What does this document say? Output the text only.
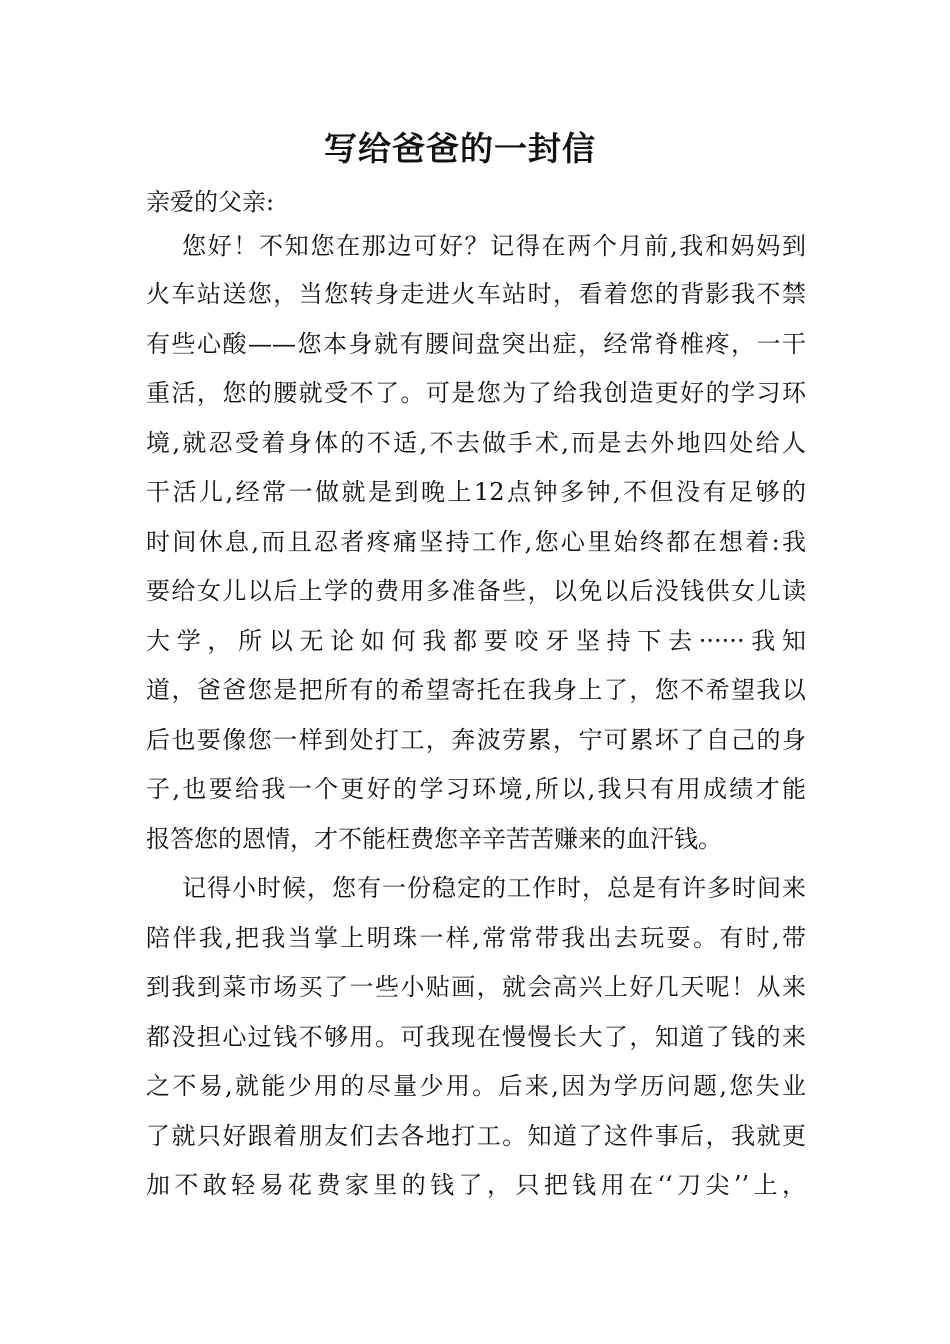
写给爸爸的一封信

亲爱的父亲:

您好！不知您在那边可好？记得在两个月前,我和妈妈到

火车站送您，当您转身走进火车站时，看着您的背影我不禁

有些心酸——您本身就有腰间盘突出症，经常脊椎疼，一干

重活，您的腰就受不了。可是您为了给我创造更好的学习环

境,就忍受着身体的不适,不去做手术,而是去外地四处给人

干活儿,经常一做就是到晚上12点钟多钟,不但没有足够的

时间休息,而且忍者疼痛坚持工作,您心里始终都在想着:我

要给女儿以后上学的费用多准备些，以免以后没钱供女儿读

大学，所以无论如何我都要咬牙坚持下去······我知

道，爸爸您是把所有的希望寄托在我身上了，您不希望我以

后也要像您一样到处打工，奔波劳累，宁可累坏了自己的身

子,也要给我一个更好的学习环境,所以,我只有用成绩才能

报答您的恩情，才不能枉费您辛辛苦苦赚来的血汗钱。

记得小时候，您有一份稳定的工作时，总是有许多时间来

陪伴我,把我当掌上明珠一样,常常带我出去玩耍。有时,带

到我到菜市场买了一些小贴画，就会高兴上好几天呢！从来

都没担心过钱不够用。可我现在慢慢长大了，知道了钱的来

之不易,就能少用的尽量少用。后来,因为学历问题,您失业

了就只好跟着朋友们去各地打工。知道了这件事后，我就更

加不敢轻易花费家里的钱了，只把钱用在‘‘刀尖’’上，
